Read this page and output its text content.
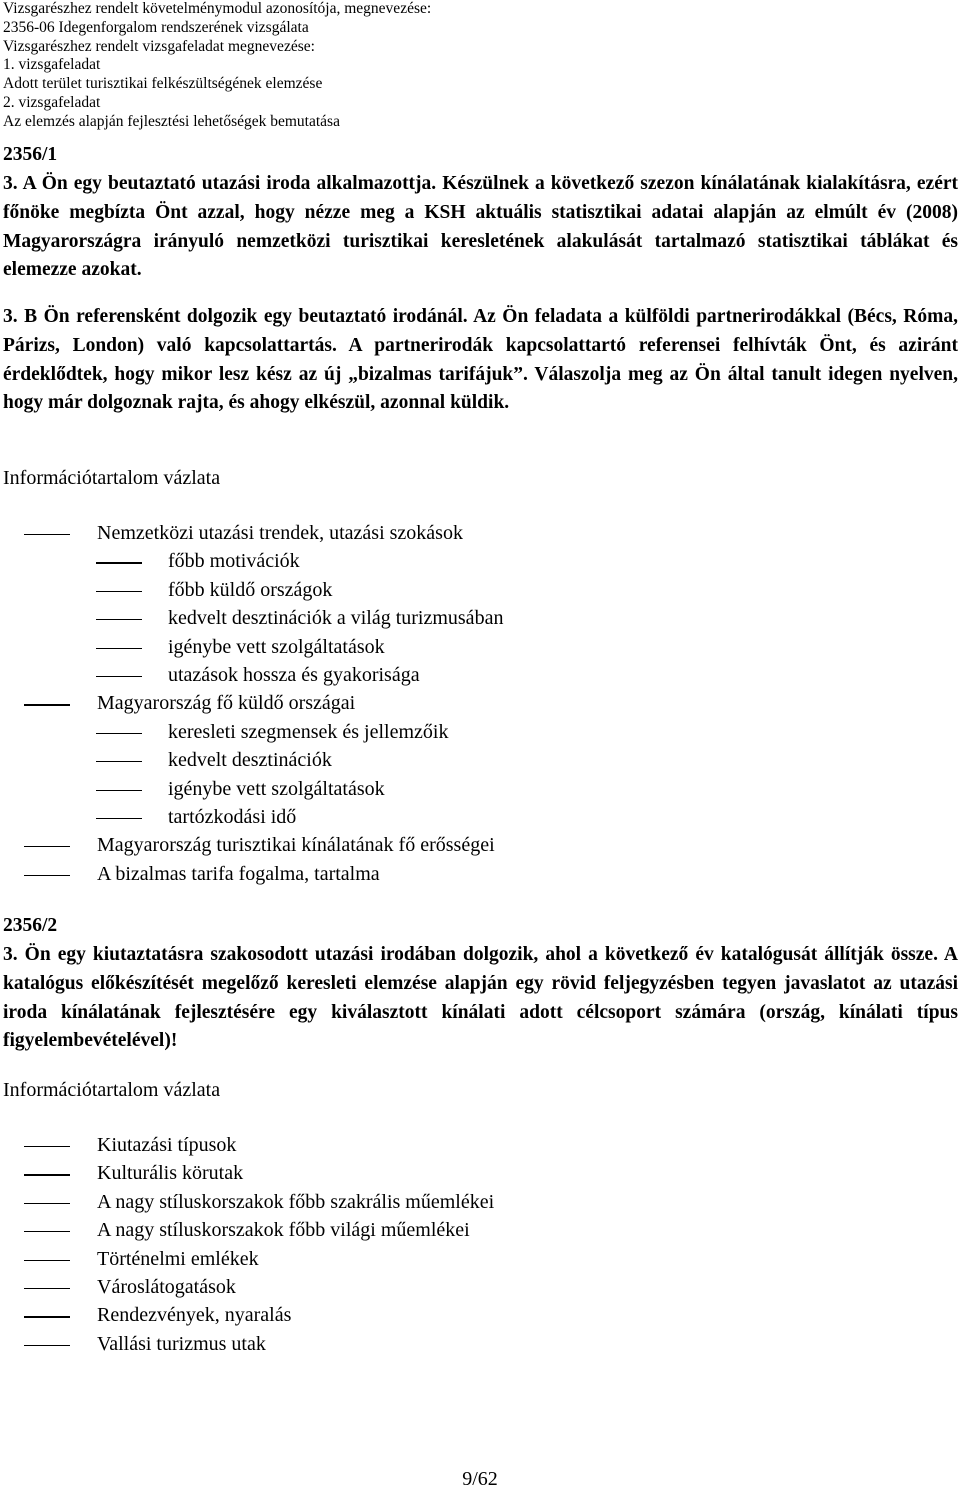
Vizsgarészhez rendelt követelménymodul azonosítója, megnevezése:
2356-06 Idegenforgalom rendszerének vizsgálata
Vizsgarészhez rendelt vizsgafeladat megnevezése:
1. vizsgafeladat
Adott terület turisztikai felkészültségének elemzése
2. vizsgafeladat
Az elemzés alapján fejlesztési lehetőségek bemutatása
2356/1
3. A Ön egy beutaztató utazási iroda alkalmazottja. Készülnek a következő szezon kínálatának kialakításra, ezért főnöke megbízta Önt azzal, hogy nézze meg a KSH aktuális statisztikai adatai alapján az elmúlt év (2008) Magyarországra irányuló nemzetközi turisztikai keresletének alakulását tartalmazó statisztikai táblákat és elemezze azokat.
3. B Ön referensként dolgozik egy beutaztató irodánál. Az Ön feladata a külföldi partnerirodákkal (Bécs, Róma, Párizs, London) való kapcsolattartás. A partnerirodák kapcsolattartó referensei felhívták Önt, és aziránt érdeklődtek, hogy mikor lesz kész az új „bizalmas tarifájuk”. Válaszolja meg az Ön által tanult idegen nyelven, hogy már dolgoznak rajta, és ahogy elkészül, azonnal küldik.
Információtartalom vázlata
Nemzetközi utazási trendek, utazási szokások
főbb motivációk
főbb küldő országok
kedvelt desztinációk a világ turizmusában
igénybe vett szolgáltatások
utazások hossza és gyakorisága
Magyarország fő küldő országai
keresleti szegmensek és jellemzőik
kedvelt desztinációk
igénybe vett szolgáltatások
tartózkodási idő
Magyarország turisztikai kínálatának fő erősségei
A bizalmas tarifa fogalma, tartalma
2356/2
3. Ön egy kiutaztatásra szakosodott utazási irodában dolgozik, ahol a következő év katalógusát állítják össze. A katalógus előkészítését megelőző keresleti elemzése alapján egy rövid feljegyzésben tegyen javaslatot az utazási iroda kínálatának fejlesztésére egy kiválasztott kínálati adott célcsoport számára (ország, kínálati típus figyelembevételével)!
Információtartalom vázlata
Kiutazási típusok
Kulturális körutak
A nagy stíluskorszakok főbb szakrális műemlékei
A nagy stíluskorszakok főbb világi műemlékei
Történelmi emlékek
Városlátogatások
Rendezvények, nyaralás
Vallási turizmus utak
9/62
